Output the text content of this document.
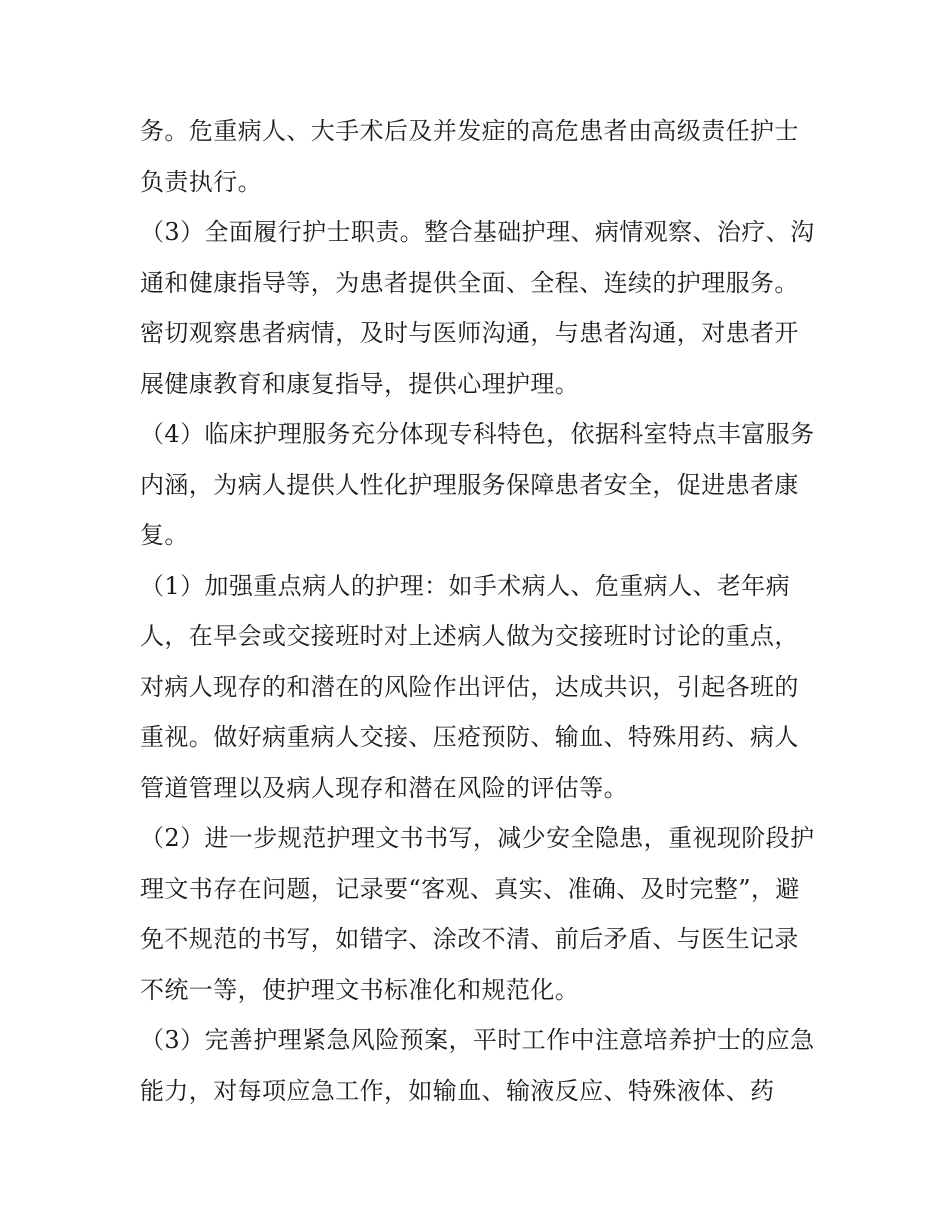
务。危重病人、大手术后及并发症的高危患者由高级责任护士负责执行。

（3）全面履行护士职责。整合基础护理、病情观察、治疗、沟通和健康指导等，为患者提供全面、全程、连续的护理服务。密切观察患者病情，及时与医师沟通，与患者沟通，对患者开展健康教育和康复指导，提供心理护理。

（4）临床护理服务充分体现专科特色，依据科室特点丰富服务内涵，为病人提供人性化护理服务保障患者安全，促进患者康复。

（1）加强重点病人的护理：如手术病人、危重病人、老年病人，在早会或交接班时对上述病人做为交接班时讨论的重点，对病人现存的和潜在的风险作出评估，达成共识，引起各班的重视。做好病重病人交接、压疮预防、输血、特殊用药、病人管道管理以及病人现存和潜在风险的评估等。

（2）进一步规范护理文书书写，减少安全隐患，重视现阶段护理文书存在问题，记录要“客观、真实、准确、及时完整”，避免不规范的书写，如错字、涂改不清、前后矛盾、与医生记录不统一等，使护理文书标准化和规范化。

（3）完善护理紧急风险预案，平时工作中注意培养护士的应急能力，对每项应急工作，如输血、输液反应、特殊液体、药
